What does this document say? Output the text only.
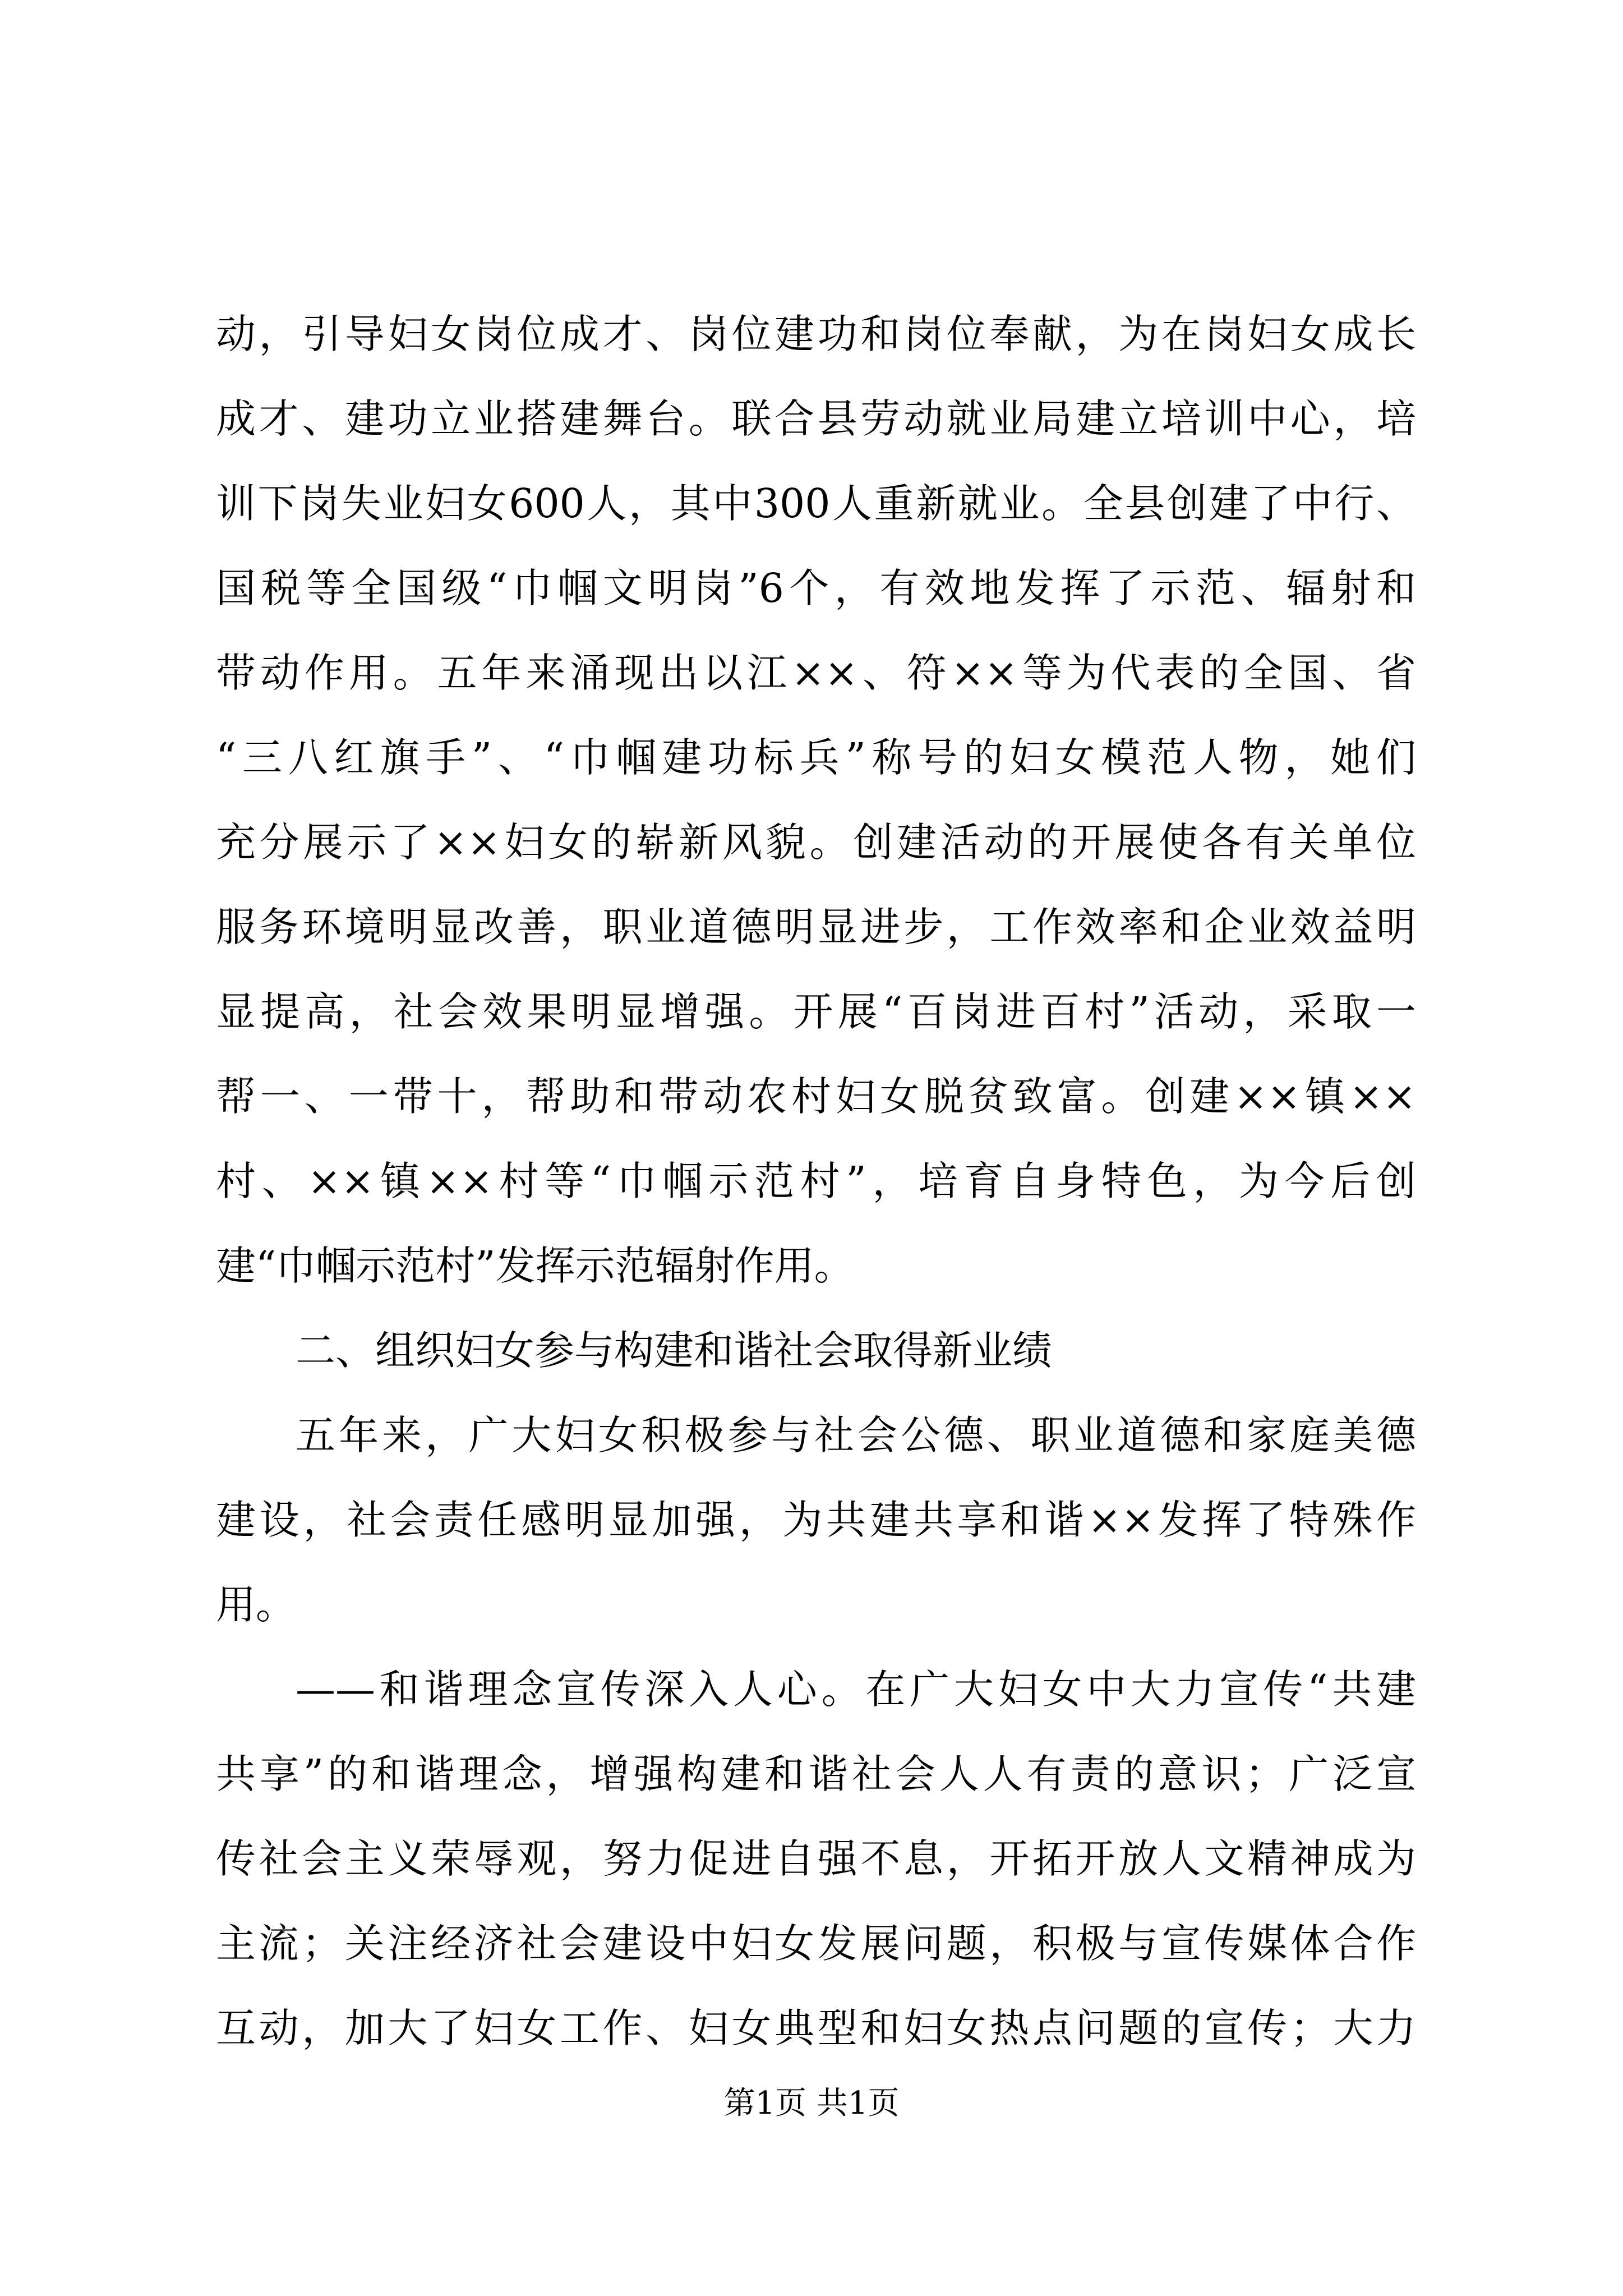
动，引导妇女岗位成才、岗位建功和岗位奉献，为在岗妇女成长
成才、建功立业搭建舞台。联合县劳动就业局建立培训中心，培
训下岗失业妇女600人，其中300人重新就业。全县创建了中行、
国税等全国级“巾帼文明岗”6个，有效地发挥了示范、辐射和
带动作用。五年来涌现出以江××、符××等为代表的全国、省
“三八红旗手”、“巾帼建功标兵”称号的妇女模范人物，她们
充分展示了××妇女的崭新风貌。创建活动的开展使各有关单位
服务环境明显改善，职业道德明显进步，工作效率和企业效益明
显提高，社会效果明显增强。开展“百岗进百村”活动，采取一
帮一、一带十，帮助和带动农村妇女脱贫致富。创建××镇××
村、××镇××村等“巾帼示范村”，培育自身特色，为今后创
建“巾帼示范村”发挥示范辐射作用。
二、组织妇女参与构建和谐社会取得新业绩
五年来，广大妇女积极参与社会公德、职业道德和家庭美德
建设，社会责任感明显加强，为共建共享和谐××发挥了特殊作
用。
——和谐理念宣传深入人心。在广大妇女中大力宣传“共建
共享”的和谐理念，增强构建和谐社会人人有责的意识；广泛宣
传社会主义荣辱观，努力促进自强不息，开拓开放人文精神成为
主流；关注经济社会建设中妇女发展问题，积极与宣传媒体合作
互动，加大了妇女工作、妇女典型和妇女热点问题的宣传；大力
第1页 共1页
